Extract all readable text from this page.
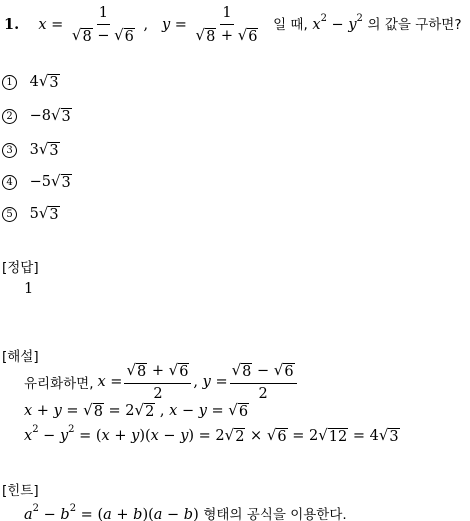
1. $x = \frac{1}{√ 8 - √ 6}$ , $y = \frac{1}{√ 8 + √ 6}$ 일 때, $x^2 - y^2$ 의 값을 구하면?
1 4 √ 3
2 −8 √ 3
3 3 √ 3
4 −5 √ 3
5 5 √ 3
[정답]
1
[해설]
유리화하면, $x = \frac{√ 8 + √ 6}{2}$ , $y = \frac{√ 8 - √ 6}{2}$
x + y = √ 8 = 2 √ 2 , x − y = √ 6
$x^2 - y^2 = (x + y)(x - y) = 2$ √ 2 × √ 6 = 2 √ 12 = 4 √ 3
[힌트]
$a^2 - b^2 = (a + b)(a - b)$ 형태의 공식을 이용한다.
